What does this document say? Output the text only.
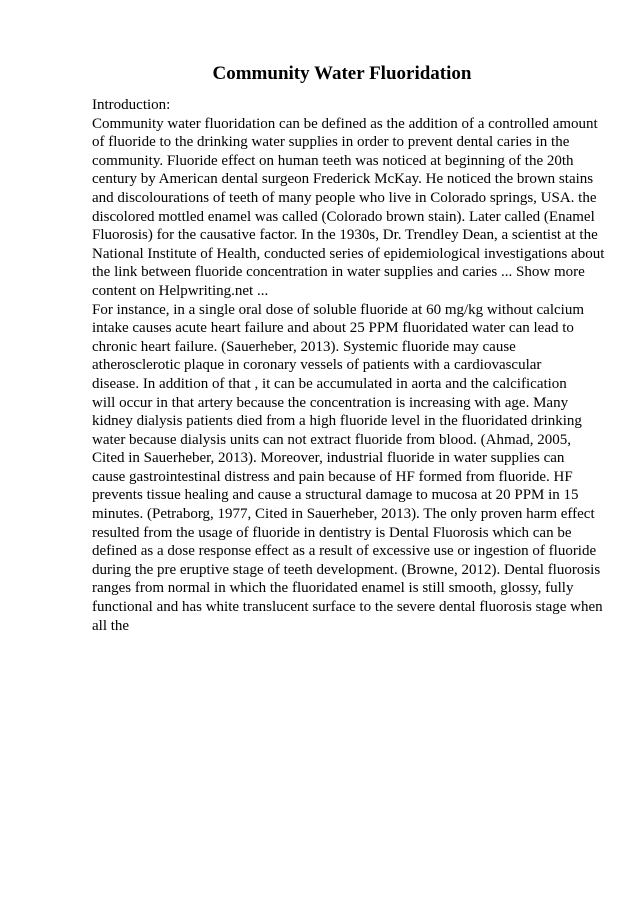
Community Water Fluoridation
Introduction:
Community water fluoridation can be defined as the addition of a controlled amount
of fluoride to the drinking water supplies in order to prevent dental caries in the
community. Fluoride effect on human teeth was noticed at beginning of the 20th
century by American dental surgeon Frederick McKay. He noticed the brown stains
and discolourations of teeth of many people who live in Colorado springs, USA. the
discolored mottled enamel was called (Colorado brown stain). Later called (Enamel
Fluorosis) for the causative factor. In the 1930s, Dr. Trendley Dean, a scientist at the
National Institute of Health, conducted series of epidemiological investigations about
the link between fluoride concentration in water supplies and caries ... Show more
content on Helpwriting.net ...
For instance, in a single oral dose of soluble fluoride at 60 mg/kg without calcium
intake causes acute heart failure and about 25 PPM fluoridated water can lead to
chronic heart failure. (Sauerheber, 2013). Systemic fluoride may cause
atherosclerotic plaque in coronary vessels of patients with a cardiovascular
disease. In addition of that , it can be accumulated in aorta and the calcification
will occur in that artery because the concentration is increasing with age. Many
kidney dialysis patients died from a high fluoride level in the fluoridated drinking
water because dialysis units can not extract fluoride from blood. (Ahmad, 2005,
Cited in Sauerheber, 2013). Moreover, industrial fluoride in water supplies can
cause gastrointestinal distress and pain because of HF formed from fluoride. HF
prevents tissue healing and cause a structural damage to mucosa at 20 PPM in 15
minutes. (Petraborg, 1977, Cited in Sauerheber, 2013). The only proven harm effect
resulted from the usage of fluoride in dentistry is Dental Fluorosis which can be
defined as a dose response effect as a result of excessive use or ingestion of fluoride
during the pre eruptive stage of teeth development. (Browne, 2012). Dental fluorosis
ranges from normal in which the fluoridated enamel is still smooth, glossy, fully
functional and has white translucent surface to the severe dental fluorosis stage when
all the
